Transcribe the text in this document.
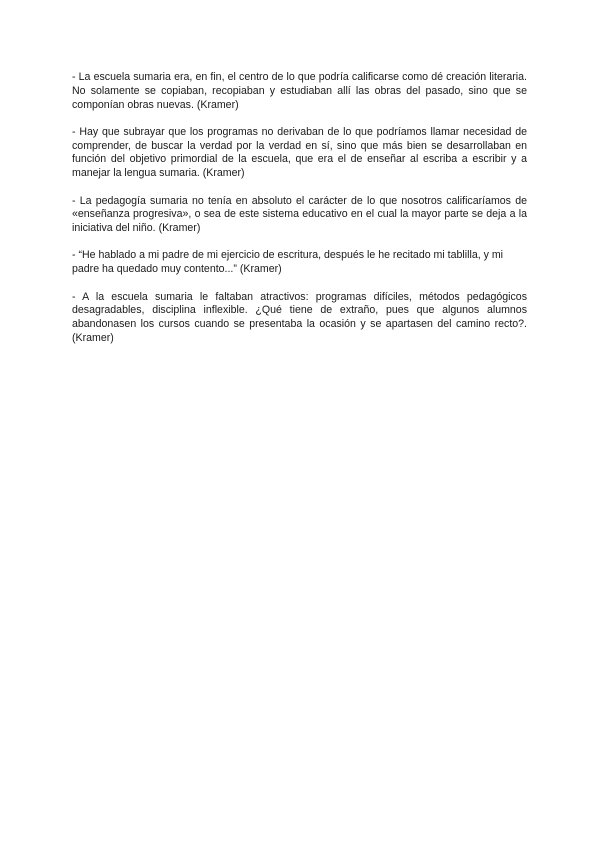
- La escuela sumaria era, en fin, el centro de lo que podría calificarse como dé creación literaria. No solamente se copiaban, recopiaban y estudiaban allí las obras del pasado, sino que se componían obras nuevas. (Kramer)

- Hay que subrayar que los programas no derivaban de lo que podríamos llamar necesidad de comprender, de buscar la verdad por la verdad en sí, sino que más bien se desarrollaban en función del objetivo primordial de la escuela, que era el de enseñar al escriba a escribir y a manejar la lengua sumaria. (Kramer)

- La pedagogía sumaria no tenía en absoluto el carácter de lo que nosotros calificaríamos de «enseñanza progresiva», o sea de este sistema educativo en el cual la mayor parte se deja a la iniciativa del niño. (Kramer)

- “He hablado a mi padre de mi ejercicio de escritura, después le he recitado mi tablilla, y mi padre ha quedado muy contento...” (Kramer)

- A la escuela sumaria le faltaban atractivos: programas difíciles, métodos pedagógicos desagradables, disciplina inflexible. ¿Qué tiene de extraño, pues que algunos alumnos abandonasen los cursos cuando se presentaba la ocasión y se apartasen del camino recto?. (Kramer)
